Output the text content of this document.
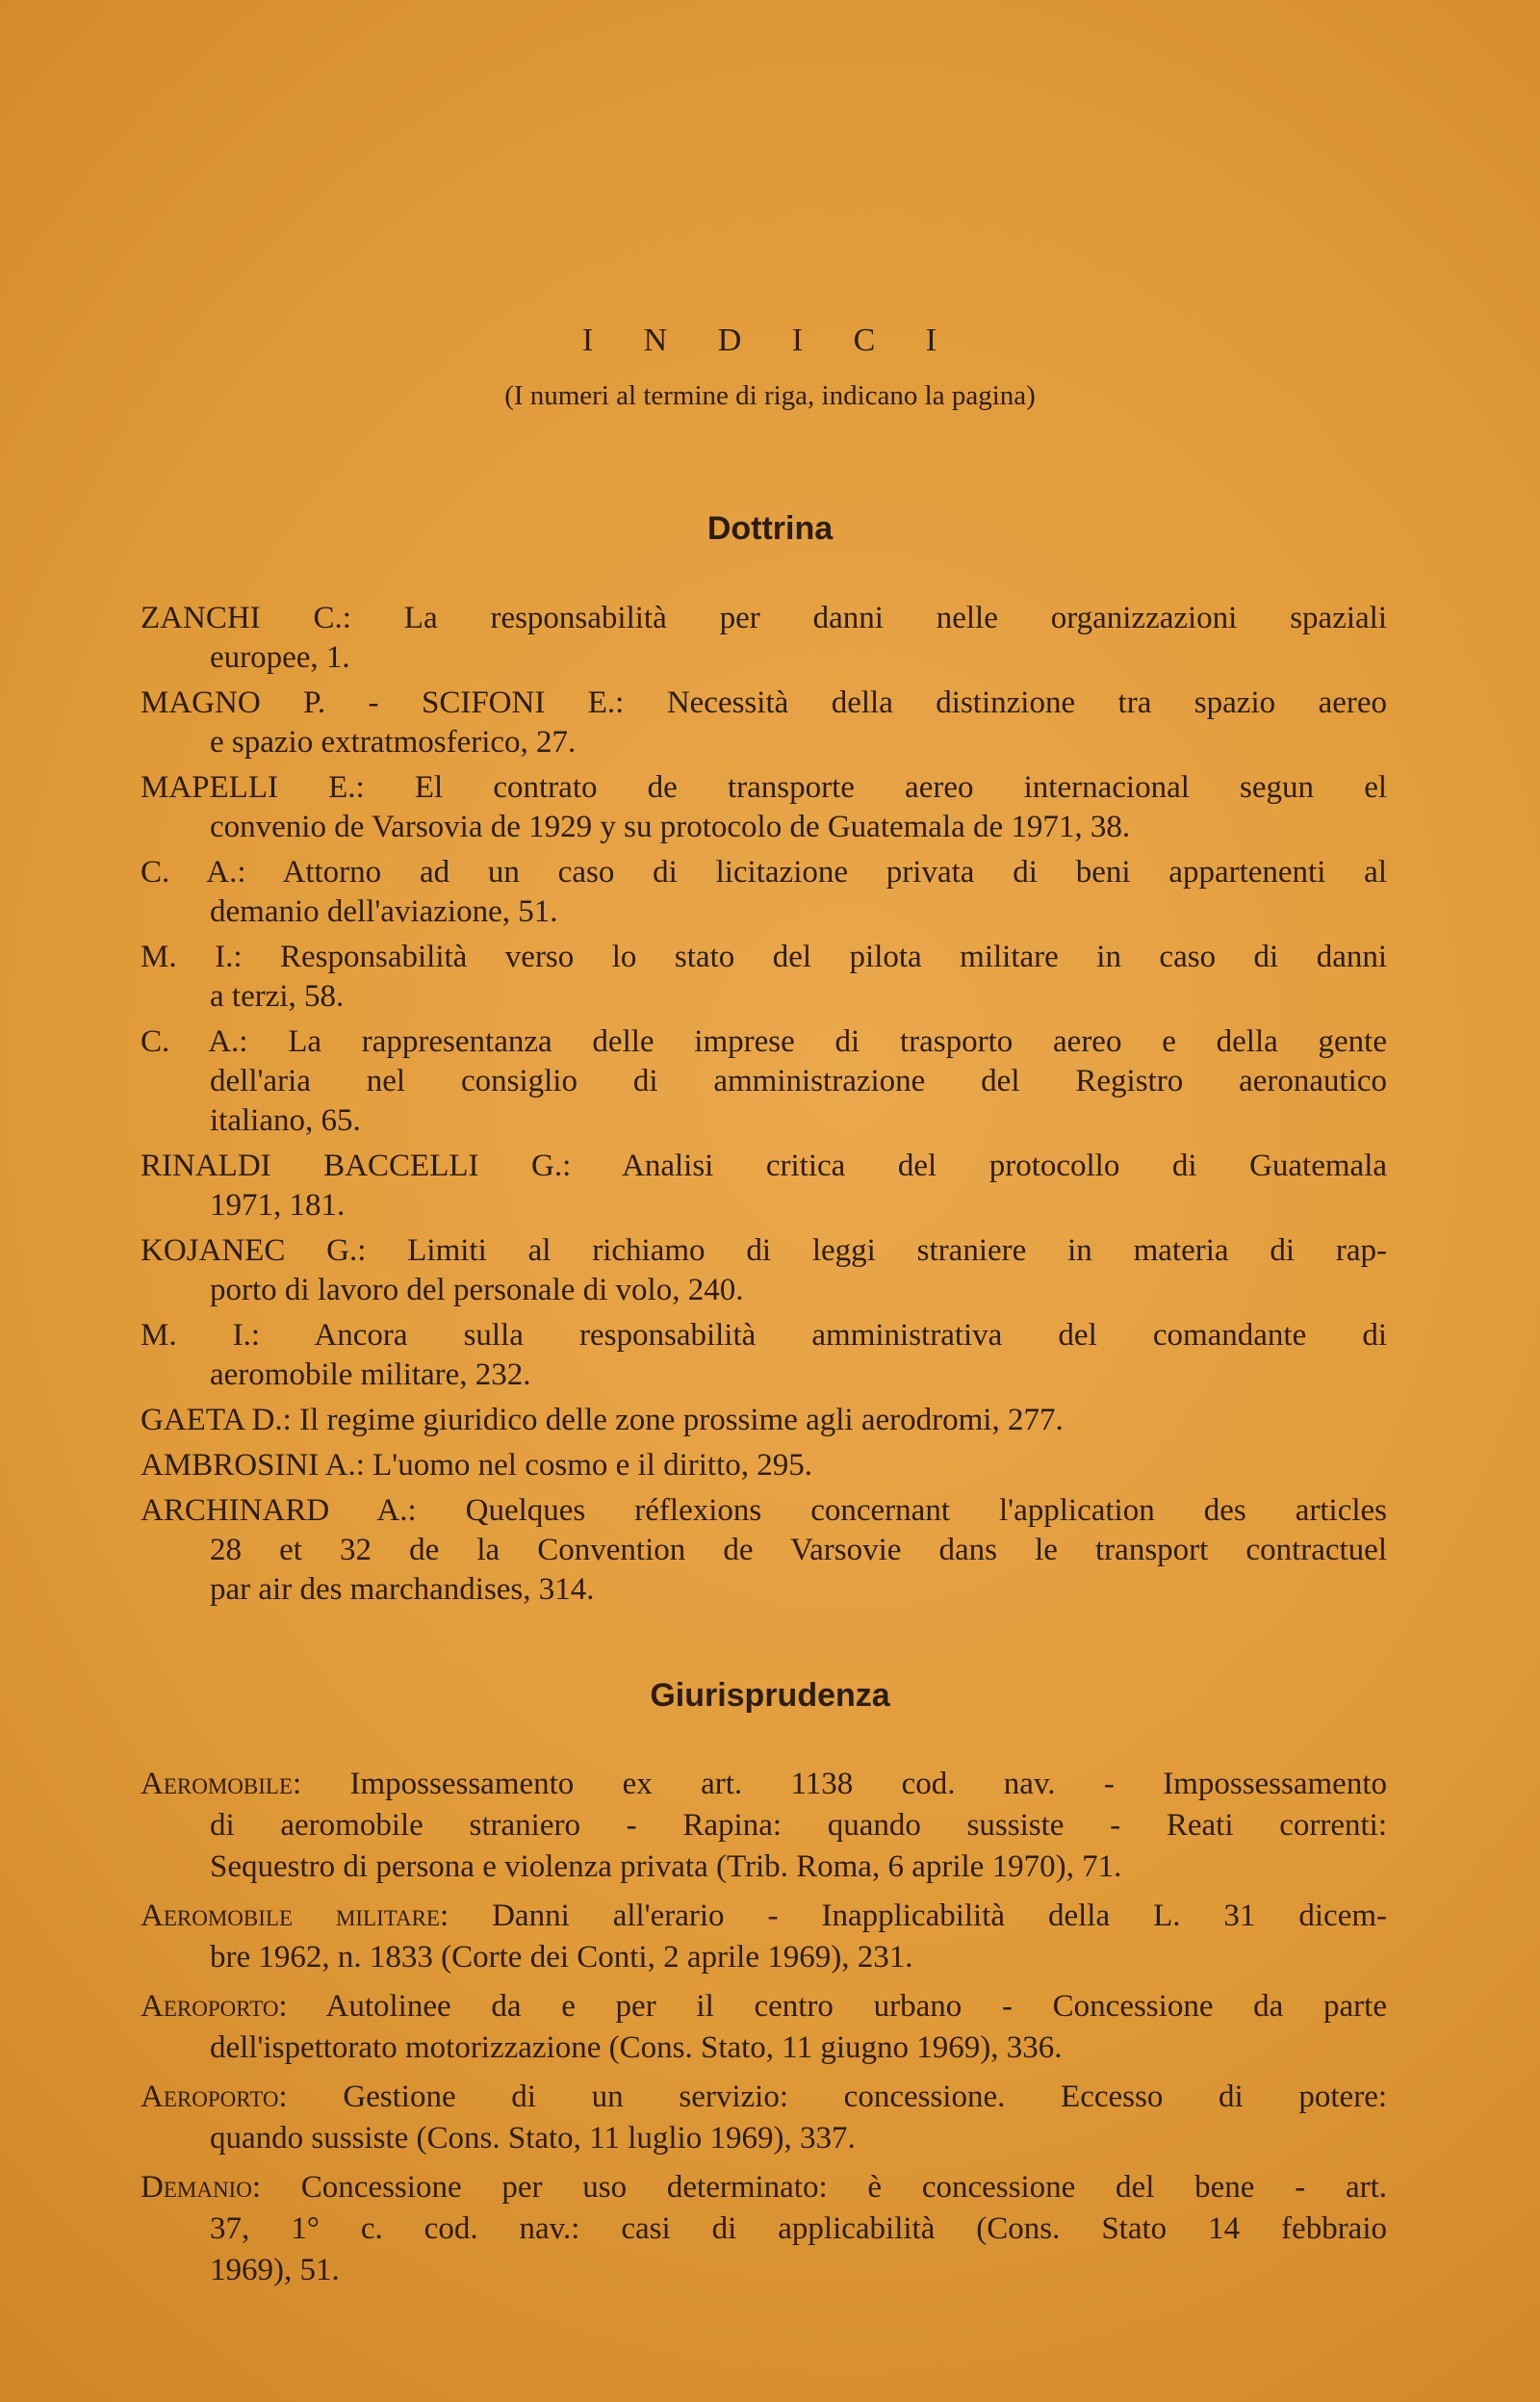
I N D I C I
(I numeri al termine di riga, indicano la pagina)
Dottrina
ZANCHI C.: La responsabilità per danni nelle organizzazioni spaziali
europee, 1.
MAGNO P. - SCIFONI E.: Necessità della distinzione tra spazio aereo
e spazio extratmosferico, 27.
MAPELLI E.: El contrato de transporte aereo internacional segun el
convenio de Varsovia de 1929 y su protocolo de Guatemala de 1971, 38.
C. A.: Attorno ad un caso di licitazione privata di beni appartenenti al
demanio dell'aviazione, 51.
M. I.: Responsabilità verso lo stato del pilota militare in caso di danni
a terzi, 58.
C. A.: La rappresentanza delle imprese di trasporto aereo e della gente
dell'aria nel consiglio di amministrazione del Registro aeronautico
italiano, 65.
RINALDI BACCELLI G.: Analisi critica del protocollo di Guatemala
1971, 181.
KOJANEC G.: Limiti al richiamo di leggi straniere in materia di rap-
porto di lavoro del personale di volo, 240.
M. I.: Ancora sulla responsabilità amministrativa del comandante di
aeromobile militare, 232.
GAETA D.: Il regime giuridico delle zone prossime agli aerodromi, 277.
AMBROSINI A.: L'uomo nel cosmo e il diritto, 295.
ARCHINARD A.: Quelques réflexions concernant l'application des articles
28 et 32 de la Convention de Varsovie dans le transport contractuel
par air des marchandises, 314.
Giurisprudenza
Aeromobile: Impossessamento ex art. 1138 cod. nav. - Impossessamento
di aeromobile straniero - Rapina: quando sussiste - Reati correnti:
Sequestro di persona e violenza privata (Trib. Roma, 6 aprile 1970), 71.
Aeromobile militare: Danni all'erario - Inapplicabilità della L. 31 dicem-
bre 1962, n. 1833 (Corte dei Conti, 2 aprile 1969), 231.
Aeroporto: Autolinee da e per il centro urbano - Concessione da parte
dell'ispettorato motorizzazione (Cons. Stato, 11 giugno 1969), 336.
Aeroporto: Gestione di un servizio: concessione. Eccesso di potere:
quando sussiste (Cons. Stato, 11 luglio 1969), 337.
Demanio: Concessione per uso determinato: è concessione del bene - art.
37, 1° c. cod. nav.: casi di applicabilità (Cons. Stato 14 febbraio
1969), 51.
